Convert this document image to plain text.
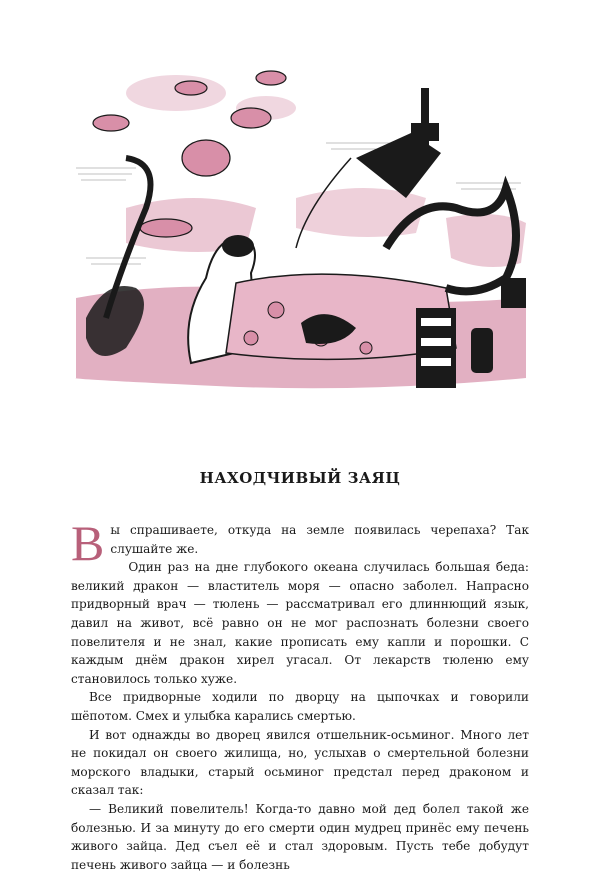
НАХОДЧИВЫЙ ЗАЯЦ

Вы спрашиваете, откуда на земле появилась черепаха? Так слушайте же.

Один раз на дне глубокого океана случилась большая беда: великий дракон — властитель моря — опасно заболел. Напрасно придворный врач — тюлень — рассматривал его длиннющий язык, давил на живот, всё равно он не мог распознать болезни своего повелителя и не знал, какие прописать ему капли и порошки. С каждым днём дракон хирел угасал. От лекарств тюленю ему становилось только хуже.

Все придворные ходили по дворцу на цыпочках и говорили шёпотом. Смех и улыбка карались смертью.

И вот однажды во дворец явился отшельник-осьминог. Много лет не покидал он своего жилища, но, услыхав о смертельной болезни морского владыки, старый осьминог предстал перед драконом и сказал так:

— Великий повелитель! Когда-то давно мой дед болел такой же болезнью. И за минуту до его смерти один мудрец принёс ему печень живого зайца. Дед съел её и стал здоровым. Пусть тебе добудут печень живого зайца — и болезнь
